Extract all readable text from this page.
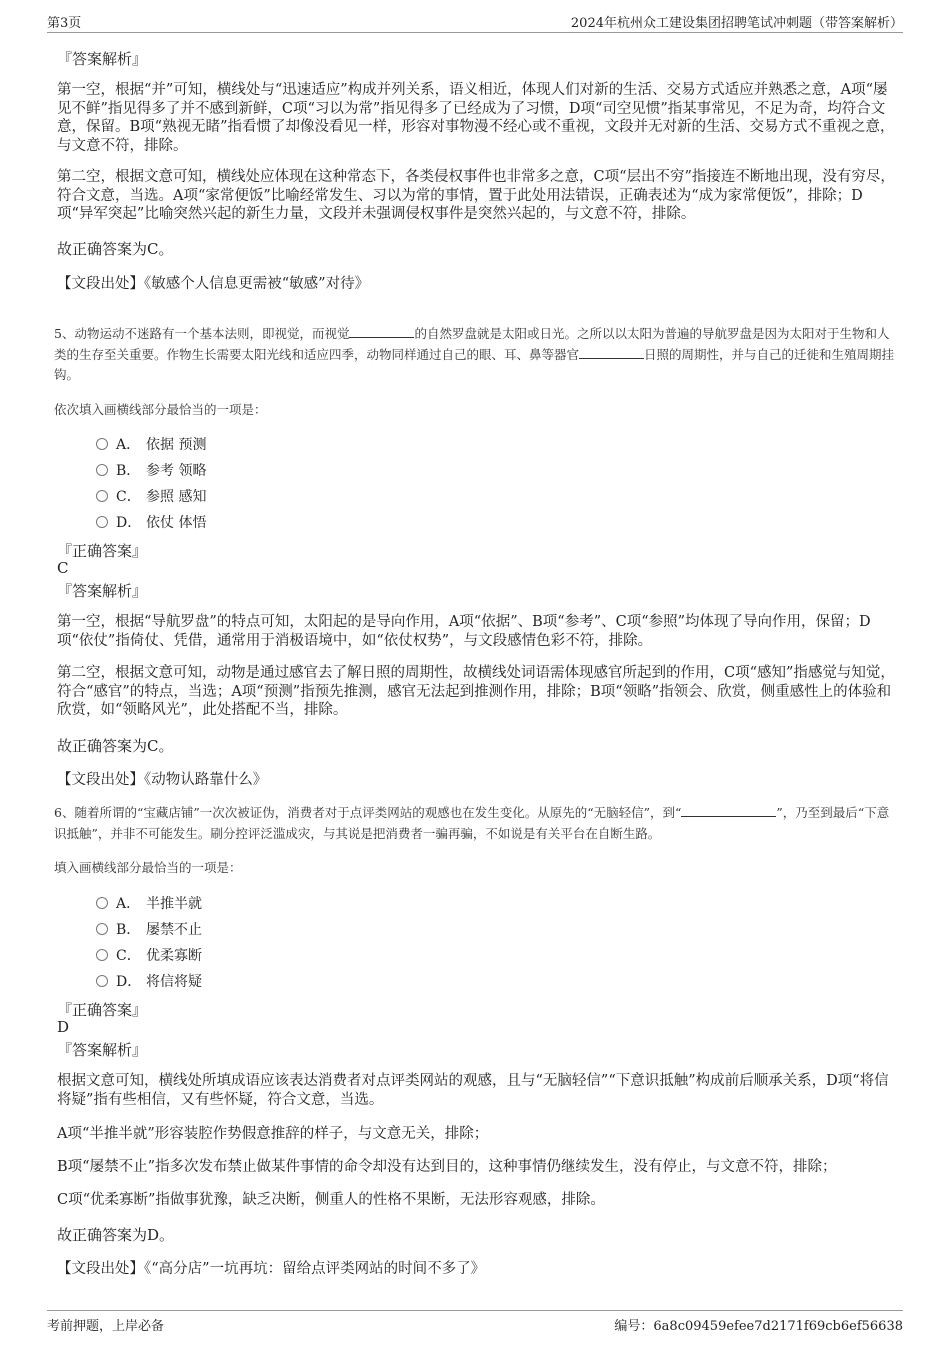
第3页	2024年杭州众工建设集团招聘笔试冲刺题（带答案解析）
『答案解析』
第一空，根据“并”可知，横线处与“迅速适应”构成并列关系，语义相近，体现人们对新的生活、交易方式适应并熟悉之意，A项“屡见不鲜”指见得多了并不感到新鲜，C项“习以为常”指见得多了已经成为了习惯，D项“司空见惯”指某事常见，不足为奇，均符合文意，保留。B项“熟视无睹”指看惯了却像没看见一样，形容对事物漫不经心或不重视，文段并无对新的生活、交易方式不重视之意，与文意不符，排除。
第二空，根据文意可知，横线处应体现在这种常态下，各类侵权事件也非常多之意，C项“层出不穷”指接连不断地出现，没有穷尽，符合文意，当选。A项“家常便饭”比喻经常发生、习以为常的事情，置于此处用法错误，正确表述为“成为家常便饭”，排除；D项“异军突起”比喻突然兴起的新生力量，文段并未强调侵权事件是突然兴起的，与文意不符，排除。
故正确答案为C。
【文段出处】《敏感个人信息更需被“敏感”对待》
5、动物运动不迷路有一个基本法则，即视觉，而视觉	的自然罗盘就是太阳或日光。之所以以太阳为普遍的导航罗盘是因为太阳对于生物和人类的生存至关重要。作物生长需要太阳光线和适应四季，动物同样通过自己的眼、耳、鼻等器官	日照的周期性，并与自己的迁徙和生殖周期挂钩。
依次填入画横线部分最恰当的一项是：
A． 依据 预测
B． 参考 领略
C． 参照 感知
D． 依仗 体悟
『正确答案』
C
『答案解析』
第一空，根据“导航罗盘”的特点可知，太阳起的是导向作用，A项“依据”、B项“参考”、C项“参照”均体现了导向作用，保留；D项“依仗”指倚仗、凭借，通常用于消极语境中，如“依仗权势”，与文段感情色彩不符，排除。
第二空，根据文意可知，动物是通过感官去了解日照的周期性，故横线处词语需体现感官所起到的作用，C项“感知”指感觉与知觉，符合“感官”的特点，当选；A项“预测”指预先推测，感官无法起到推测作用，排除；B项“领略”指领会、欣赏，侧重感性上的体验和欣赏，如“领略风光”，此处搭配不当，排除。
故正确答案为C。
【文段出处】《动物认路靠什么》
6、随着所谓的“宝藏店铺”一次次被证伪，消费者对于点评类网站的观感也在发生变化。从原先的“无脑轻信”，到“	”，乃至到最后“下意识抵触”，并非不可能发生。刷分控评泛滥成灾，与其说是把消费者一骗再骗，不如说是有关平台在自断生路。
填入画横线部分最恰当的一项是：
A． 半推半就
B． 屡禁不止
C． 优柔寡断
D． 将信将疑
『正确答案』
D
『答案解析』
根据文意可知，横线处所填成语应该表达消费者对点评类网站的观感，且与“无脑轻信”“下意识抵触”构成前后顺承关系，D项“将信将疑”指有些相信，又有些怀疑，符合文意，当选。
A项“半推半就”形容装腔作势假意推辞的样子，与文意无关，排除；
B项“屡禁不止”指多次发布禁止做某件事情的命令却没有达到目的，这种事情仍继续发生，没有停止，与文意不符，排除；
C项“优柔寡断”指做事犹豫，缺乏决断，侧重人的性格不果断，无法形容观感，排除。
故正确答案为D。
【文段出处】《“高分店”一坑再坑：留给点评类网站的时间不多了》
考前押题，上岸必备	编号：6a8c09459efee7d2171f69cb6ef56638
